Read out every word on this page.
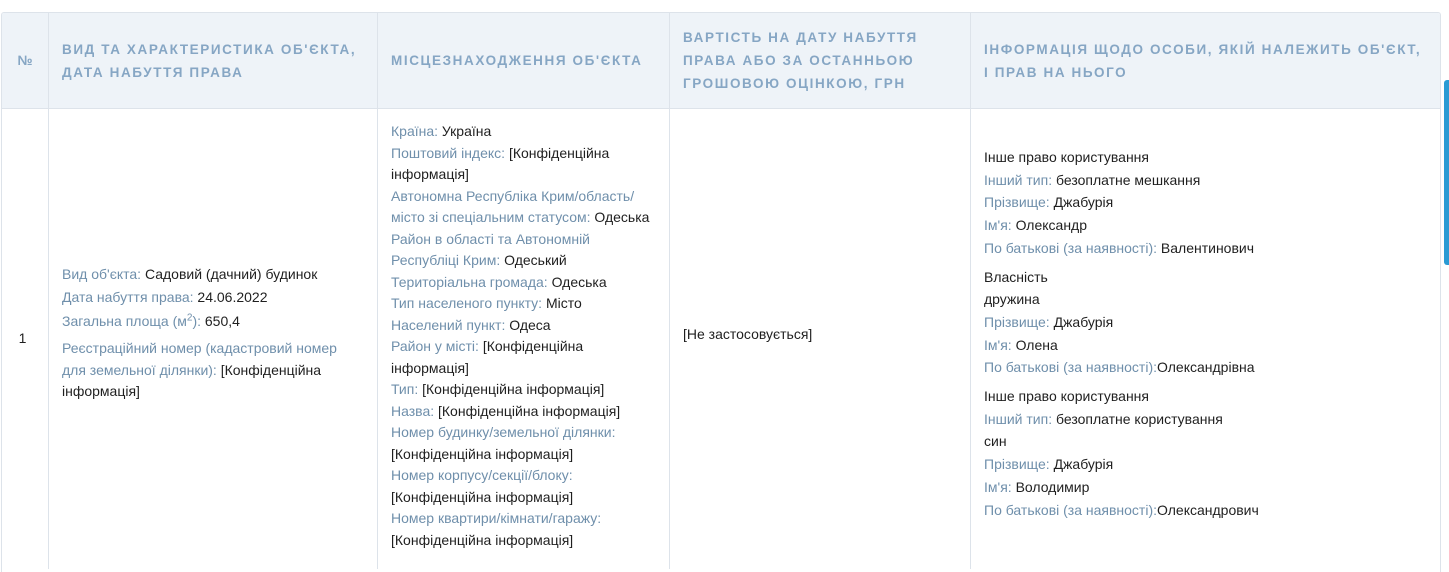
№
ВИД ТА ХАРАКТЕРИСТИКА ОБ'ЄКТА, ДАТА НАБУТТЯ ПРАВА
МІСЦЕЗНАХОДЖЕННЯ ОБ'ЄКТА
ВАРТІСТЬ НА ДАТУ НАБУТТЯ ПРАВА АБО ЗА ОСТАННЬОЮ ГРОШОВОЮ ОЦІНКОЮ, ГРН
ІНФОРМАЦІЯ ЩОДО ОСОБИ, ЯКІЙ НАЛЕЖИТЬ ОБ'ЄКТ, І ПРАВ НА НЬОГО
1
Вид об'єкта: Садовий (дачний) будинок
Дата набуття права: 24.06.2022
Загальна площа $(м^2)$: 650,4
Реєстраційний номер (кадастровий номер для земельної ділянки): [Конфіденційна інформація]
Країна: Україна
Поштовий індекс: [Конфіденційна інформація]
Автономна Республіка Крим/область/місто зі спеціальним статусом: Одеська
Район в області та Автономній Республіці Крим: Одеський
Територіальна громада: Одеська
Тип населеного пункту: Місто
Населений пункт: Одеса
Район у місті: [Конфіденційна інформація]
Тип: [Конфіденційна інформація]
Назва: [Конфіденційна інформація]
Номер будинку/земельної ділянки: [Конфіденційна інформація]
Номер корпусу/секції/блоку: [Конфіденційна інформація]
Номер квартири/кімнати/гаражу: [Конфіденційна інформація]
[Не застосовується]
Інше право користування
Інший тип: безоплатне мешкання
Прізвище: Джабурія
Ім'я: Олександр
По батькові (за наявності): Валентинович
Власність
дружина
Прізвище: Джабурія
Ім'я: Олена
По батькові (за наявності):Олександрівна
Інше право користування
Інший тип: безоплатне користування
син
Прізвище: Джабурія
Ім'я: Володимир
По батькові (за наявності):Олександрович
